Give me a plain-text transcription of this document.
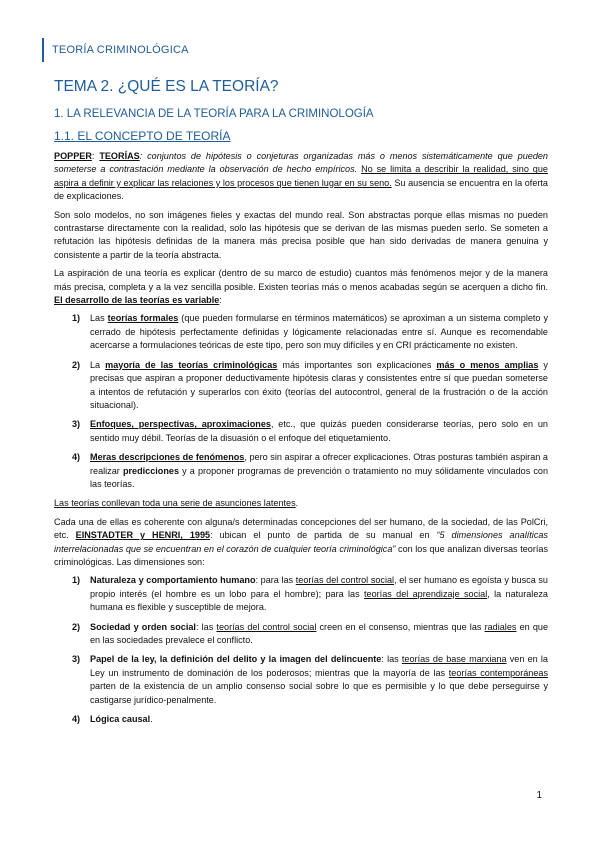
TEORÍA CRIMINOLÓGICA
TEMA 2. ¿QUÉ ES LA TEORÍA?
1. LA RELEVANCIA DE LA TEORÍA PARA LA CRIMINOLOGÍA
1.1. EL CONCEPTO DE TEORÍA

POPPER: TEORÍAS: conjuntos de hipótesis o conjeturas organizadas más o menos sistemáticamente que pueden someterse a contrastación mediante la observación de hecho empíricos. No se limita a describir la realidad, sino que aspira a definir y explicar las relaciones y los procesos que tienen lugar en su seno. Su ausencia se encuentra en la oferta de explicaciones.

Son solo modelos, no son imágenes fieles y exactas del mundo real. Son abstractas porque ellas mismas no pueden contrastarse directamente con la realidad, solo las hipótesis que se derivan de las mismas pueden serlo. Se someten a refutación las hipótesis definidas de la manera más precisa posible que han sido derivadas de manera genuina y consistente a partir de la teoría abstracta.

La aspiración de una teoría es explicar (dentro de su marco de estudio) cuantos más fenómenos mejor y de la manera más precisa, completa y a la vez sencilla posible. Existen teorías más o menos acabadas según se acerquen a dicho fin. El desarrollo de las teorías es variable:

1) Las teorías formales (que pueden formularse en términos matemáticos) se aproximan a un sistema completo y cerrado de hipótesis perfectamente definidas y lógicamente relacionadas entre sí. Aunque es recomendable acercarse a formulaciones teóricas de este tipo, pero son muy difíciles y en CRI prácticamente no existen.
2) La mayoría de las teorías criminológicas más importantes son explicaciones más o menos amplias y precisas que aspiran a proponer deductivamente hipótesis claras y consistentes entre sí que puedan someterse a intentos de refutación y superarlos con éxito (teorías del autocontrol, general de la frustración o de la acción situacional).
3) Enfoques, perspectivas, aproximaciones, etc., que quizás pueden considerarse teorías, pero solo en un sentido muy débil. Teorías de la disuasión o el enfoque del etiquetamiento.
4) Meras descripciones de fenómenos, pero sin aspirar a ofrecer explicaciones. Otras posturas también aspiran a realizar predicciones y a proponer programas de prevención o tratamiento no muy sólidamente vinculados con las teorías.

Las teorías conllevan toda una serie de asunciones latentes.

Cada una de ellas es coherente con alguna/s determinadas concepciones del ser humano, de la sociedad, de las PolCri, etc. EINSTADTER y HENRI, 1995: ubican el punto de partida de su manual en “5 dimensiones analíticas interrelacionadas que se encuentran en el corazón de cualquier teoría criminológica” con los que analizan diversas teorías criminológicas. Las dimensiones son:

1) Naturaleza y comportamiento humano: para las teorías del control social, el ser humano es egoísta y busca su propio interés (el hombre es un lobo para el hombre); para las teorías del aprendizaje social, la naturaleza humana es flexible y susceptible de mejora.
2) Sociedad y orden social: las teorías del control social creen en el consenso, mientras que las radiales en que en las sociedades prevalece el conflicto.
3) Papel de la ley, la definición del delito y la imagen del delincuente: las teorías de base marxiana ven en la Ley un instrumento de dominación de los poderosos; mientras que la mayoría de las teorías contemporáneas parten de la existencia de un amplio consenso social sobre lo que es permisible y lo que debe perseguirse y castigarse jurídico-penalmente.
4) Lógica causal.
1
